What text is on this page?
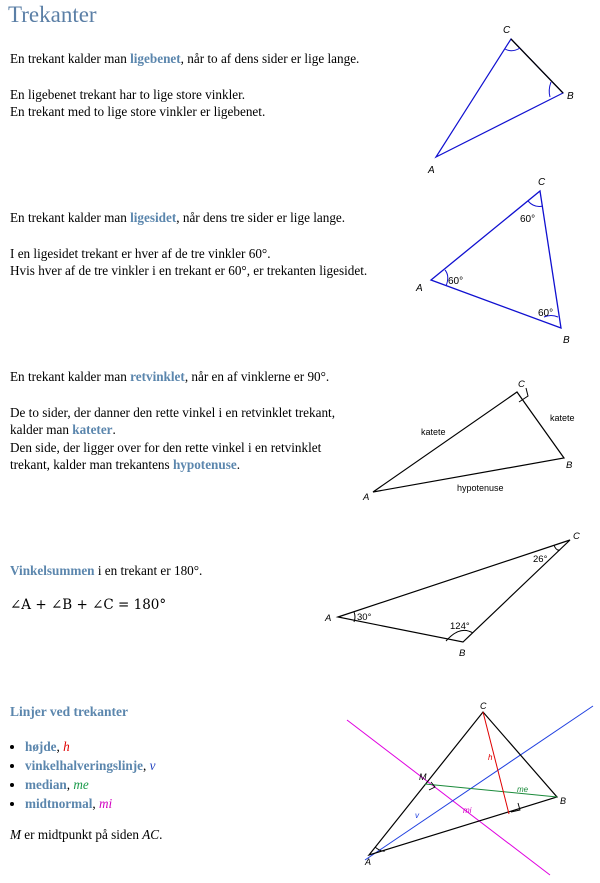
Trekanter
En trekant kalder man ligebenet, når to af dens sider er lige lange.
En ligebenet trekant har to lige store vinkler.
En trekant med to lige store vinkler er ligebenet.
C
B
A
En trekant kalder man ligesidet, når dens tre sider er lige lange.
I en ligesidet trekant er hver af de tre vinkler 60°.
Hvis hver af de tre vinkler i en trekant er 60°, er trekanten ligesidet.
C
A
B
60°
60°
60°
En trekant kalder man retvinklet, når en af vinklerne er 90°.
De to sider, der danner den rette vinkel i en retvinklet trekant,
kalder man kateter.
Den side, der ligger over for den rette vinkel i en retvinklet
trekant, kalder man trekantens hypotenuse.
C
B
A
katete
katete
hypotenuse
Vinkelsummen i en trekant er 180°.
∠A + ∠B + ∠C = 180°
C
A
B
30°
124°
26°
Linjer ved trekanter
• højde, h
• vinkelhalveringslinje, v
• median, me
• midtnormal, mi
M er midtpunkt på siden AC.
C
B
A
M
h
v
me
mi
